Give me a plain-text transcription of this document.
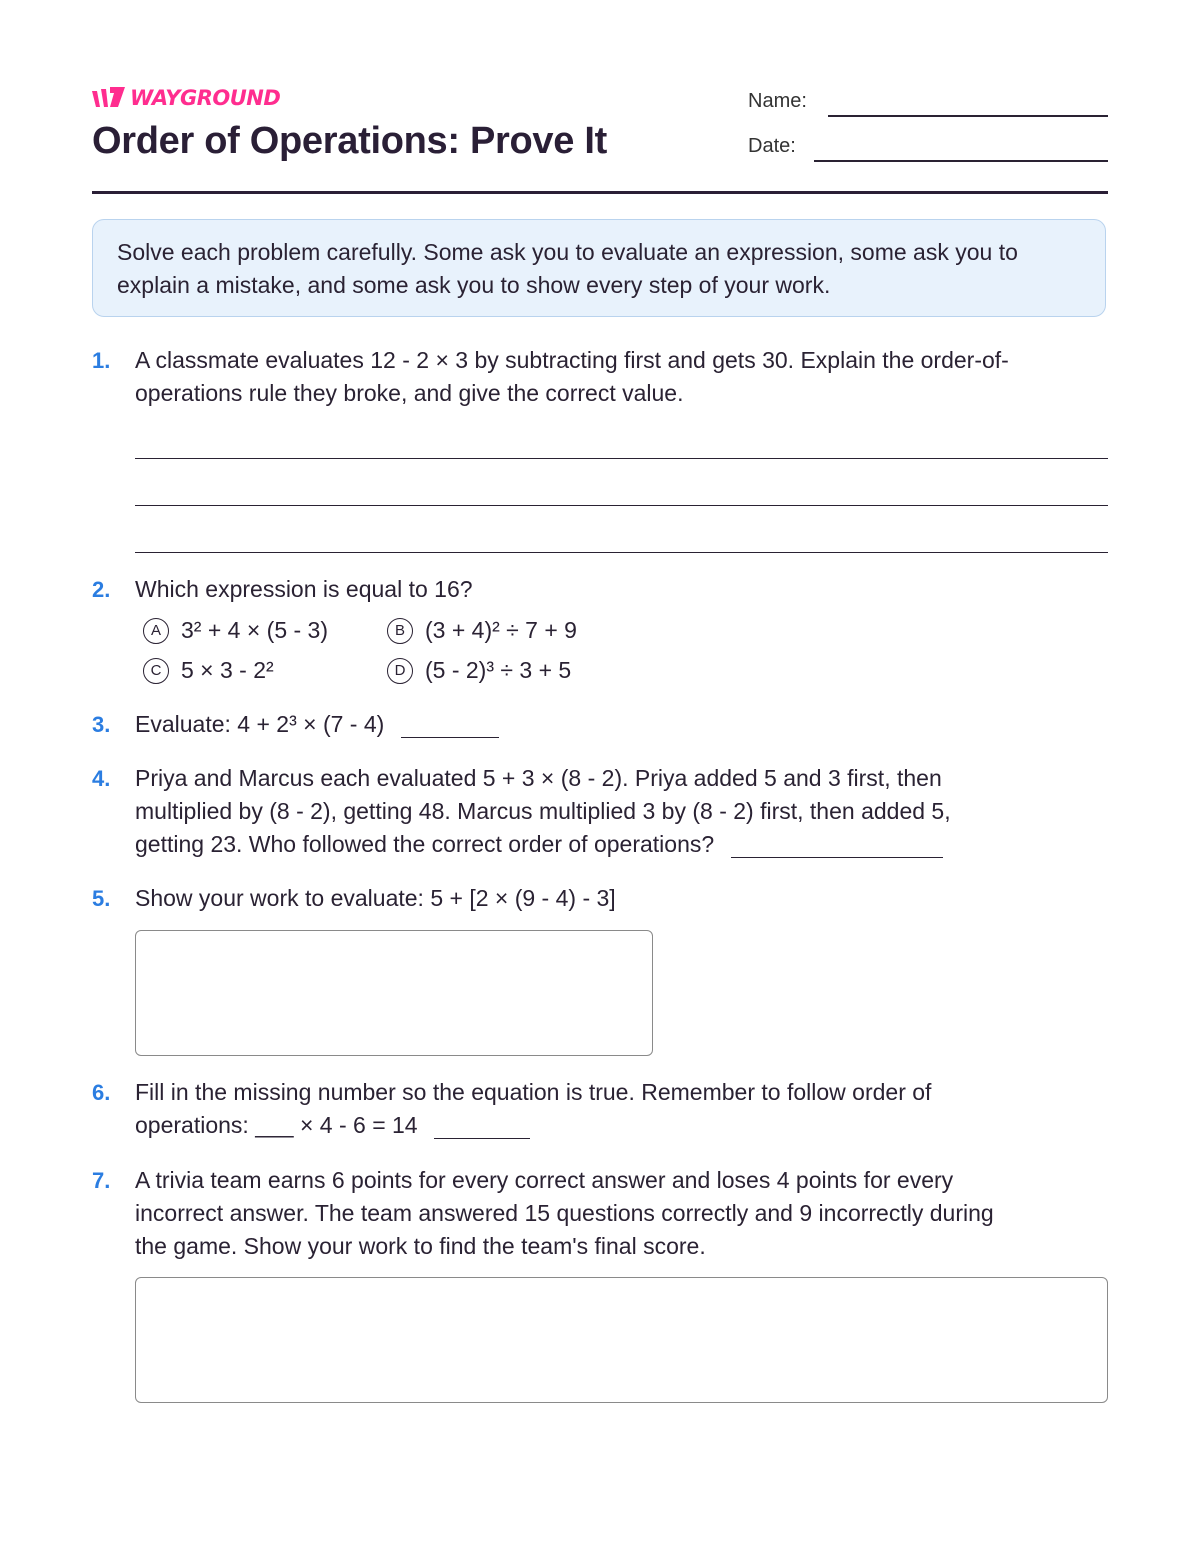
WAYGROUND
Order of Operations: Prove It
Name:
Date:
Solve each problem carefully. Some ask you to evaluate an expression, some ask you to explain a mistake, and some ask you to show every step of your work.
1. A classmate evaluates 12 - 2 × 3 by subtracting first and gets 30. Explain the order-of-
operations rule they broke, and give the correct value.
2. Which expression is equal to 16?
A 3² + 4 × (5 - 3)	B (3 + 4)² ÷ 7 + 9
C 5 × 3 - 2²	D (5 - 2)³ ÷ 3 + 5
3. Evaluate: 4 + 2³ × (7 - 4)
4. Priya and Marcus each evaluated 5 + 3 × (8 - 2). Priya added 5 and 3 first, then
multiplied by (8 - 2), getting 48. Marcus multiplied 3 by (8 - 2) first, then added 5,
getting 23. Who followed the correct order of operations?
5. Show your work to evaluate: 5 + [2 × (9 - 4) - 3]
6. Fill in the missing number so the equation is true. Remember to follow order of
operations: ___ × 4 - 6 = 14
7. A trivia team earns 6 points for every correct answer and loses 4 points for every
incorrect answer. The team answered 15 questions correctly and 9 incorrectly during
the game. Show your work to find the team's final score.
